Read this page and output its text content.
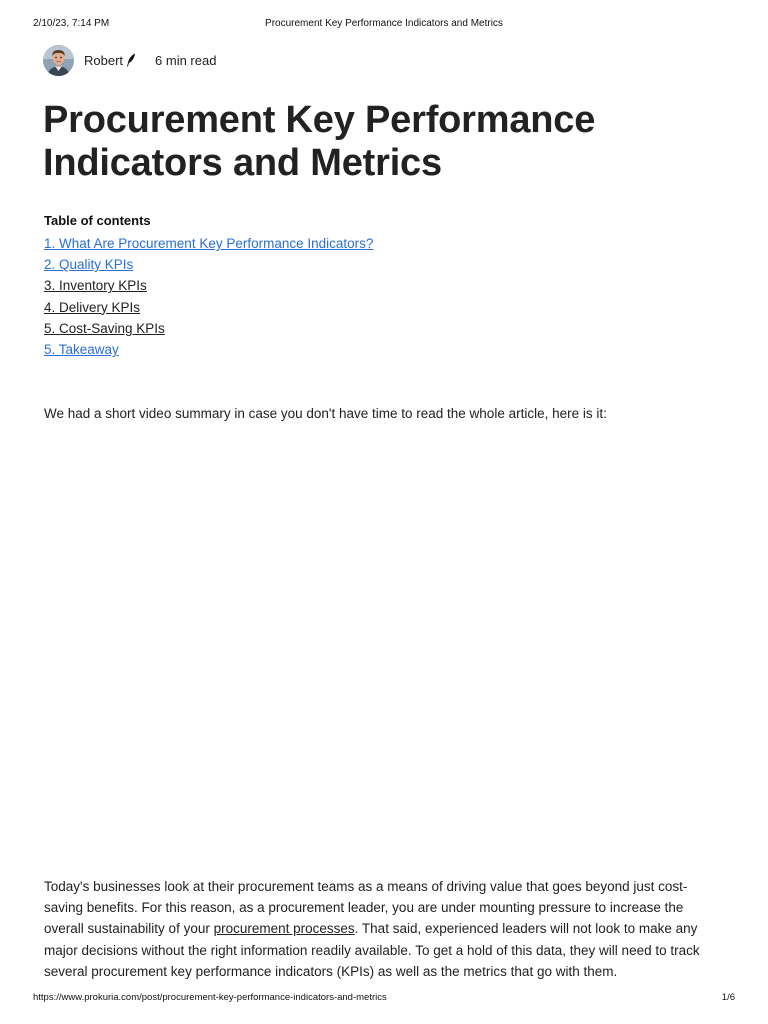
2/10/23, 7:14 PM	Procurement Key Performance Indicators and Metrics
Robert 6 min read
Procurement Key Performance Indicators and Metrics
Table of contents
1. What Are Procurement Key Performance Indicators?
2. Quality KPIs
3. Inventory KPIs
4. Delivery KPIs
5. Cost-Saving KPIs
5. Takeaway

We had a short video summary in case you don't have time to read the whole article, here is it:

Today's businesses look at their procurement teams as a means of driving value that goes beyond just cost-saving benefits. For this reason, as a procurement leader, you are under mounting pressure to increase the overall sustainability of your procurement processes. That said, experienced leaders will not look to make any major decisions without the right information readily available. To get a hold of this data, they will need to track several procurement key performance indicators (KPIs) as well as the metrics that go with them.

https://www.prokuria.com/post/procurement-key-performance-indicators-and-metrics	1/6
